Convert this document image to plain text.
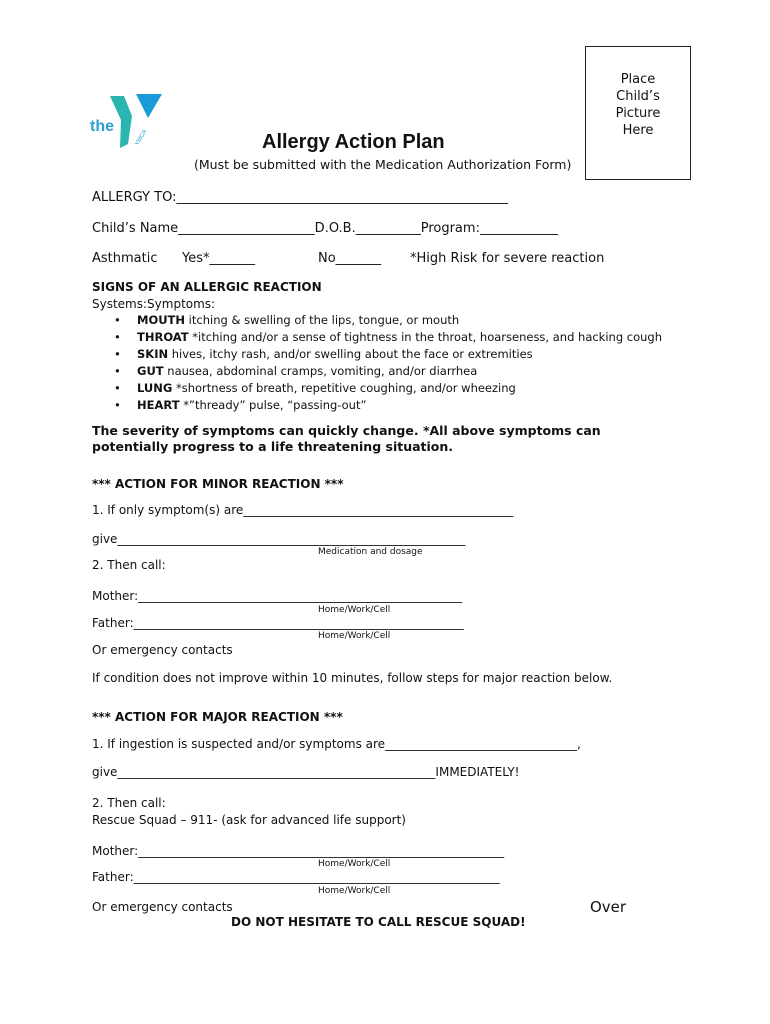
the
YMCA
Place
Child’s
Picture
Here
Allergy Action Plan
(Must be submitted with the Medication Authorization Form)
ALLERGY TO:___________________________________________________
Child’s Name_____________________D.O.B.__________Program:____________
Asthmatic Yes*_______	No_______ *High Risk for severe reaction
SIGNS OF AN ALLERGIC REACTION
Systems:Symptoms:
• MOUTH itching & swelling of the lips, tongue, or mouth
• THROAT *itching and/or a sense of tightness in the throat, hoarseness, and hacking cough
• SKIN hives, itchy rash, and/or swelling about the face or extremities
• GUT nausea, abdominal cramps, vomiting, and/or diarrhea
• LUNG *shortness of breath, repetitive coughing, and/or wheezing
• HEART *”thready” pulse, “passing-out”
The severity of symptoms can quickly change. *All above symptoms can potentially progress to a life threatening situation.
*** ACTION FOR MINOR REACTION ***
1. If only symptom(s) are_____________________________________________
give__________________________________________________________
Medication and dosage
2. Then call:
Mother:______________________________________________________
Home/Work/Cell
Father:_______________________________________________________
Home/Work/Cell
Or emergency contacts
If condition does not improve within 10 minutes, follow steps for major reaction below.
*** ACTION FOR MAJOR REACTION ***
1. If ingestion is suspected and/or symptoms are________________________________,
give_____________________________________________________IMMEDIATELY!
2. Then call:
Rescue Squad – 911- (ask for advanced life support)
Mother:_____________________________________________________________
Home/Work/Cell
Father:_____________________________________________________________
Home/Work/Cell
Or emergency contacts	Over
DO NOT HESITATE TO CALL RESCUE SQUAD!
